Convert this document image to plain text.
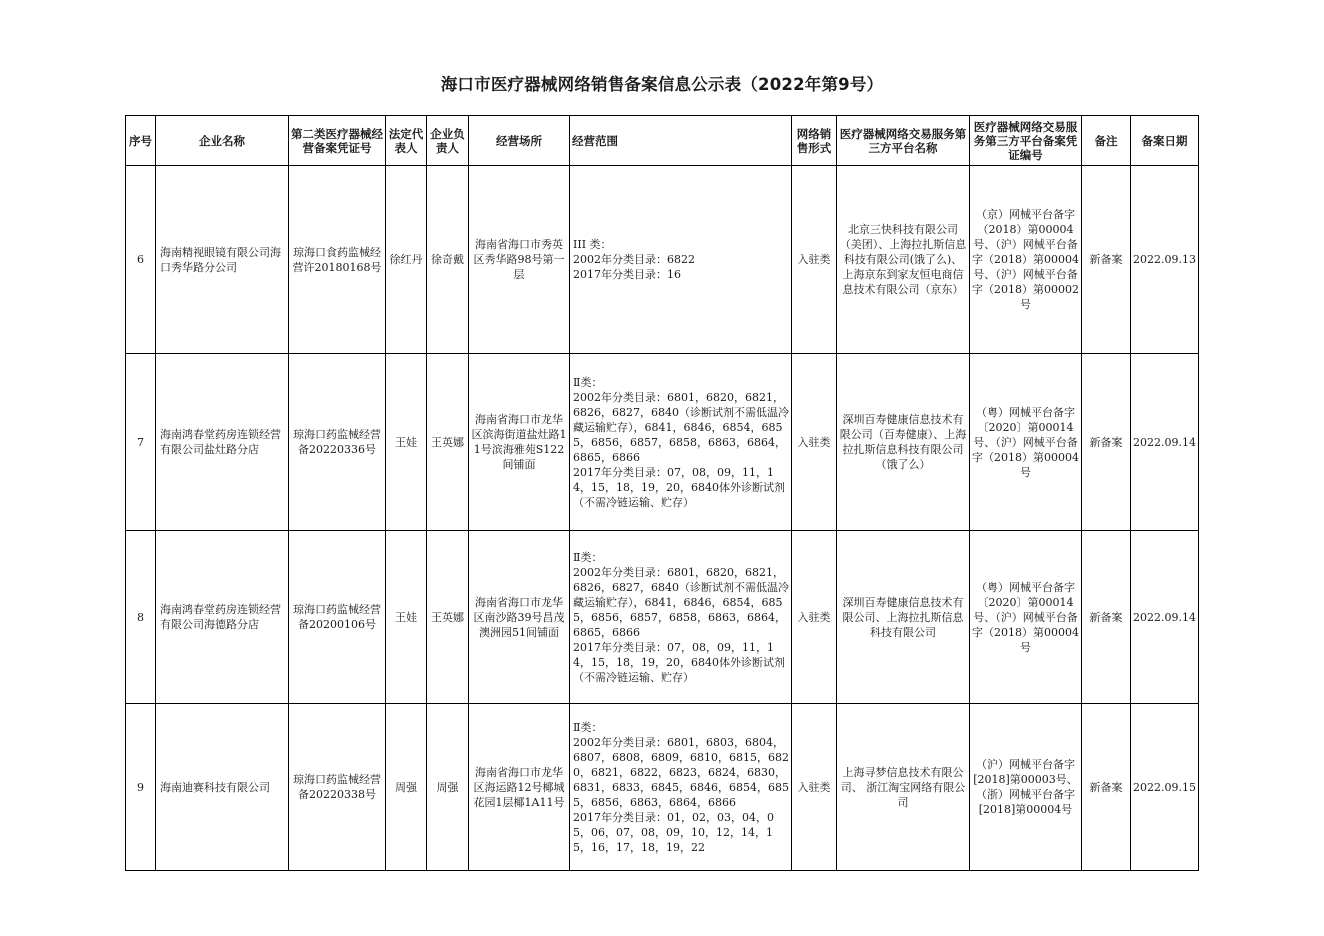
海口市医疗器械网络销售备案信息公示表（2022年第9号）
序号	企业名称	第二类医疗器械经营备案凭证号	法定代表人	企业负责人	经营场所	经营范围	网络销售形式	医疗器械网络交易服务第三方平台名称	医疗器械网络交易服务第三方平台备案凭证编号	备注	备案日期
6	海南精视眼镜有限公司海口秀华路分公司	琼海口食药监械经营许20180168号	徐红丹	徐奇戴	海南省海口市秀英区秀华路98号第一层	III 类：
2002年分类目录：6822
2017年分类目录：16	入驻类	北京三快科技有限公司（美团）、上海拉扎斯信息科技有限公司(饿了么)、 上海京东到家友恒电商信息技术有限公司（京东）	（京）网械平台备字（2018）第00004号、（沪）网械平台备字（2018）第00004号、（沪）网械平台备字（2018）第00002号	新备案	2022.09.13
7	海南鸿春堂药房连锁经营有限公司盐灶路分店	琼海口药监械经营备20220336号	王娃	王英娜	海南省海口市龙华区滨海街道盐灶路11号滨海雅苑S122间铺面	Ⅱ类：
2002年分类目录：6801，6820，6821，6826，6827，6840（诊断试剂不需低温冷藏运输贮存），6841，6846，6854，6855，6856，6857，6858，6863，6864，6865，6866
2017年分类目录：07，08，09，11，14，15，18，19，20，6840体外诊断试剂（不需冷链运输、贮存）	入驻类	深圳百寿健康信息技术有限公司（百寿健康）、上海拉扎斯信息科技有限公司（饿了么）	（粤）网械平台备字〔2020〕第00014号、（沪）网械平台备字（2018）第00004号	新备案	2022.09.14
8	海南鸿春堂药房连锁经营有限公司海德路分店	琼海口药监械经营备20200106号	王娃	王英娜	海南省海口市龙华区南沙路39号昌茂澳洲园51间铺面	Ⅱ类：
2002年分类目录：6801，6820，6821，6826，6827，6840（诊断试剂不需低温冷藏运输贮存），6841，6846，6854，6855，6856，6857，6858，6863，6864，6865，6866
2017年分类目录：07，08，09，11，14，15，18，19，20，6840体外诊断试剂（不需冷链运输、贮存）	入驻类	深圳百寿健康信息技术有限公司、上海拉扎斯信息科技有限公司	（粤）网械平台备字〔2020〕第00014号、（沪）网械平台备字（2018）第00004号	新备案	2022.09.14
9	海南迪赛科技有限公司	琼海口药监械经营备20220338号	周强	周强	海南省海口市龙华区海运路12号椰城花园1层椰1A11号	Ⅱ类：
2002年分类目录：6801，6803，6804，6807，6808，6809，6810，6815，6820，6821，6822，6823，6824，6830，6831，6833，6845，6846，6854，6855，6856，6863，6864，6866
2017年分类目录：01，02，03，04，05，06，07，08，09，10，12，14，15，16，17，18，19，22	入驻类	上海寻梦信息技术有限公司、 浙江淘宝网络有限公司	（沪）网械平台备字[2018]第00003号、（浙）网械平台备字[2018]第00004号	新备案	2022.09.15
